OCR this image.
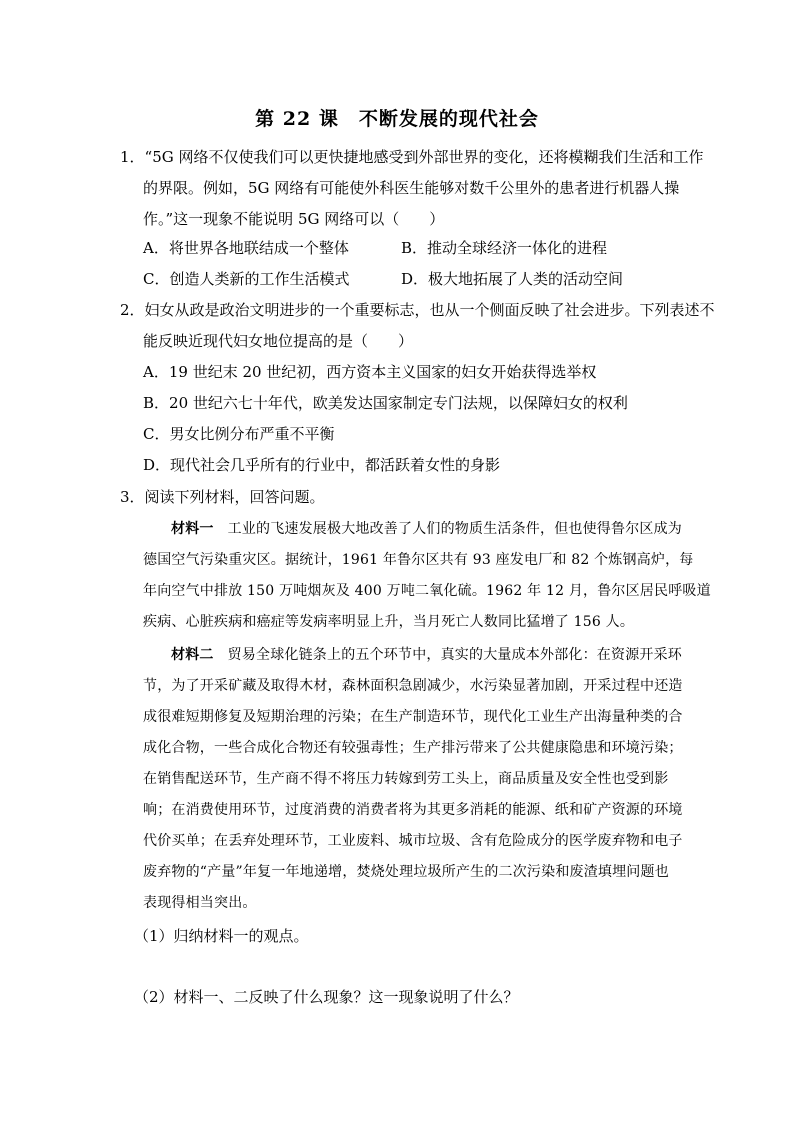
第 22 课　不断发展的现代社会
1．“5G 网络不仅使我们可以更快捷地感受到外部世界的变化，还将模糊我们生活和工作
的界限。例如，5G 网络有可能使外科医生能够对数千公里外的患者进行机器人操
作。”这一现象不能说明 5G 网络可以（　　）
A．将世界各地联结成一个整体	B．推动全球经济一体化的进程
C．创造人类新的工作生活模式	D．极大地拓展了人类的活动空间
2．妇女从政是政治文明进步的一个重要标志，也从一个侧面反映了社会进步。下列表述不
能反映近现代妇女地位提高的是（　　）
A．19 世纪末 20 世纪初，西方资本主义国家的妇女开始获得选举权
B．20 世纪六七十年代，欧美发达国家制定专门法规，以保障妇女的权利
C．男女比例分布严重不平衡
D．现代社会几乎所有的行业中，都活跃着女性的身影
3．阅读下列材料，回答问题。
材料一 工业的飞速发展极大地改善了人们的物质生活条件，但也使得鲁尔区成为
德国空气污染重灾区。据统计，1961 年鲁尔区共有 93 座发电厂和 82 个炼钢高炉，每
年向空气中排放 150 万吨烟灰及 400 万吨二氧化硫。1962 年 12 月，鲁尔区居民呼吸道
疾病、心脏疾病和癌症等发病率明显上升，当月死亡人数同比猛增了 156 人。
材料二 贸易全球化链条上的五个环节中，真实的大量成本外部化：在资源开采环
节，为了开采矿藏及取得木材，森林面积急剧减少，水污染显著加剧，开采过程中还造
成很难短期修复及短期治理的污染；在生产制造环节，现代化工业生产出海量种类的合
成化合物，一些合成化合物还有较强毒性；生产排污带来了公共健康隐患和环境污染；
在销售配送环节，生产商不得不将压力转嫁到劳工头上，商品质量及安全性也受到影
响；在消费使用环节，过度消费的消费者将为其更多消耗的能源、纸和矿产资源的环境
代价买单；在丢弃处理环节，工业废料、城市垃圾、含有危险成分的医学废弃物和电子
废弃物的“产量”年复一年地递增，焚烧处理垃圾所产生的二次污染和废渣填埋问题也
表现得相当突出。
（1）归纳材料一的观点。
（2）材料一、二反映了什么现象？这一现象说明了什么？
